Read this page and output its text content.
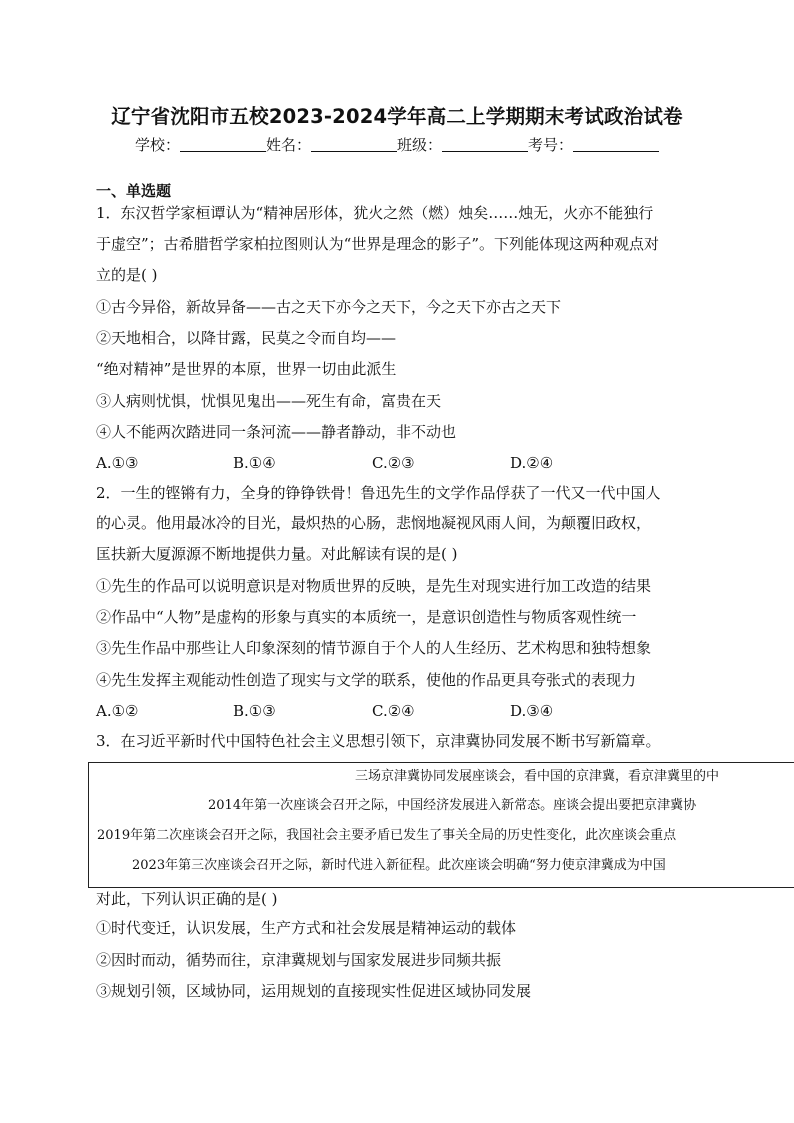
辽宁省沈阳市五校2023-2024学年高二上学期期末考试政治试卷
学校：	姓名：	班级：	考号：
一、单选题
1．东汉哲学家桓谭认为“精神居形体，犹火之然（燃）烛矣……烛无，火亦不能独行
于虚空”；古希腊哲学家柏拉图则认为“世界是理念的影子”。下列能体现这两种观点对
立的是( )
①古今异俗，新故异备——古之天下亦今之天下，今之天下亦古之天下
②天地相合，以降甘露，民莫之令而自均——
“绝对精神”是世界的本原，世界一切由此派生
③人病则忧惧，忧惧见鬼出——死生有命，富贵在天
④人不能两次踏进同一条河流——静者静动，非不动也
A.①③	B.①④	C.②③	D.②④
2．一生的铿锵有力，全身的铮铮铁骨！鲁迅先生的文学作品俘获了一代又一代中国人
的心灵。他用最冰冷的目光，最炽热的心肠，悲悯地凝视风雨人间，为颠覆旧政权，
匡扶新大厦源源不断地提供力量。对此解读有误的是( )
①先生的作品可以说明意识是对物质世界的反映，是先生对现实进行加工改造的结果
②作品中“人物”是虚构的形象与真实的本质统一，是意识创造性与物质客观性统一
③先生作品中那些让人印象深刻的情节源自于个人的人生经历、艺术构思和独特想象
④先生发挥主观能动性创造了现实与文学的联系，使他的作品更具夸张式的表现力
A.①②	B.①③	C.②④	D.③④
3．在习近平新时代中国特色社会主义思想引领下，京津冀协同发展不断书写新篇章。
三场京津冀协同发展座谈会，看中国的京津冀，看京津冀里的中
2014年第一次座谈会召开之际，中国经济发展进入新常态。座谈会提出要把京津冀协
2019年第二次座谈会召开之际，我国社会主要矛盾已发生了事关全局的历史性变化，此次座谈会重点
2023年第三次座谈会召开之际，新时代进入新征程。此次座谈会明确“努力使京津冀成为中国
对此，下列认识正确的是( )
①时代变迁，认识发展，生产方式和社会发展是精神运动的载体
②因时而动，循势而往，京津冀规划与国家发展进步同频共振
③规划引领，区域协同，运用规划的直接现实性促进区域协同发展
